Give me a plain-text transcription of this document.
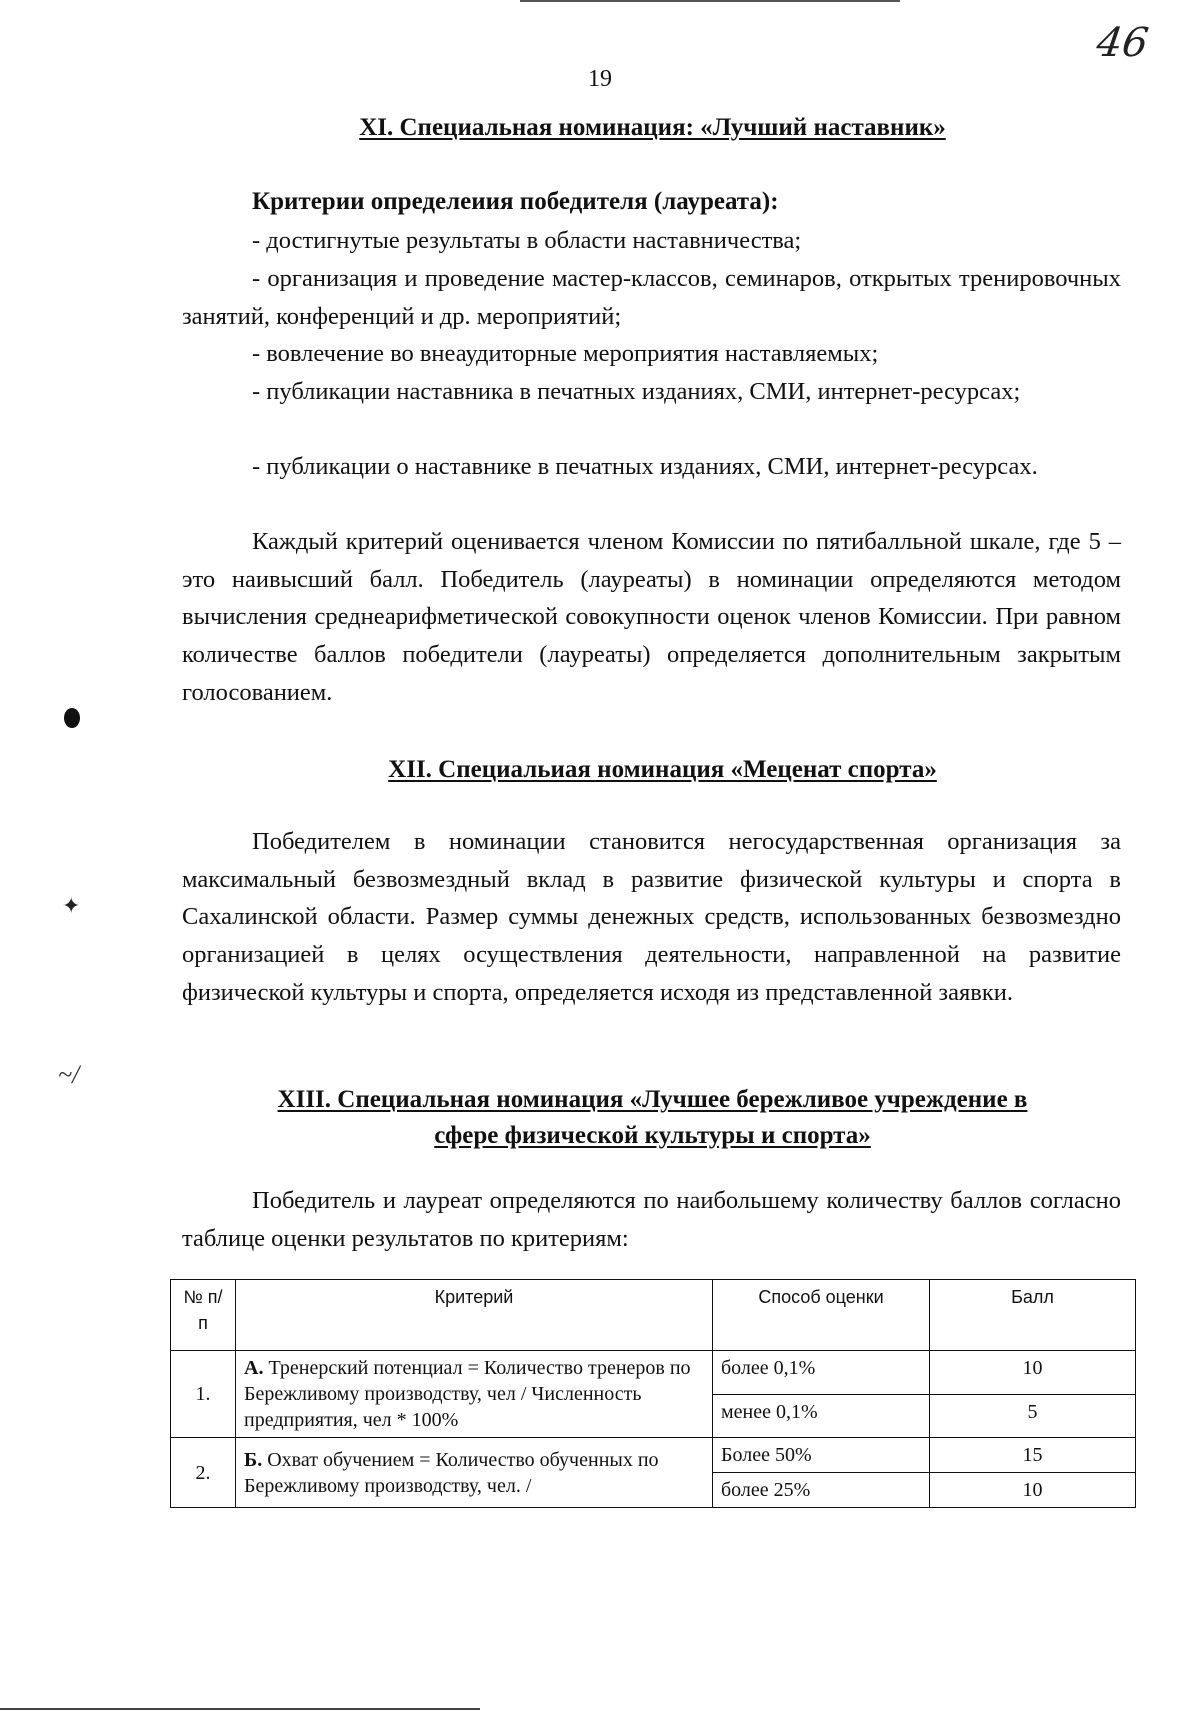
46
19
XI. Специальная номинация: «Лучший наставник»
Критерии определеиия победителя (лауреата):

- достигнутые результаты в области наставничества;

- организация и проведение мастер-классов, семинаров, открытых тренировочных занятий, конференций и др. мероприятий;

- вовлечение во внеаудиторные мероприятия наставляемых;

- публикации наставника в печатных изданиях, СМИ, интернет-ресурсах;

- публикации о наставнике в печатных изданиях, СМИ, интернет-ресурсах.

Каждый критерий оценивается членом Комиссии по пятибалльной шкале, где 5 – это наивысший балл. Победитель (лауреаты) в номинации определяются методом вычисления среднеарифметической совокупности оценок членов Комиссии. При равном количестве баллов победители (лауреаты) определяется дополнительным закрытым голосованием.

XII. Специальиая номинация «Меценат спорта»

Победителем в номинации становится негосударственная организация за максимальный безвозмездный вклад в развитие физической культуры и спорта в Сахалинской области. Размер суммы денежных средств, использованных безвозмездно организацией в целях осуществления деятельности, направленной на развитие физической культуры и спорта, определяется исходя из представленной заявки.

XIII. Специальная номинация «Лучшее бережливое учреждение в
сфере физической культуры и спорта»

Победитель и лауреат определяются по наибольшему количеству баллов согласно таблице оценки результатов по критериям:

№ п/п	Критерий	Способ оценки	Балл
1.	А. Тренерский потенциал = Количество тренеров по Бережливому производству, чел / Численность предприятия, чел * 100%	более 0,1%	10
		менее 0,1%	5
2.	Б. Охват обучением = Количество обученных по Бережливому производству, чел. /	Более 50%	15
		более 25%	10
✦
~/
